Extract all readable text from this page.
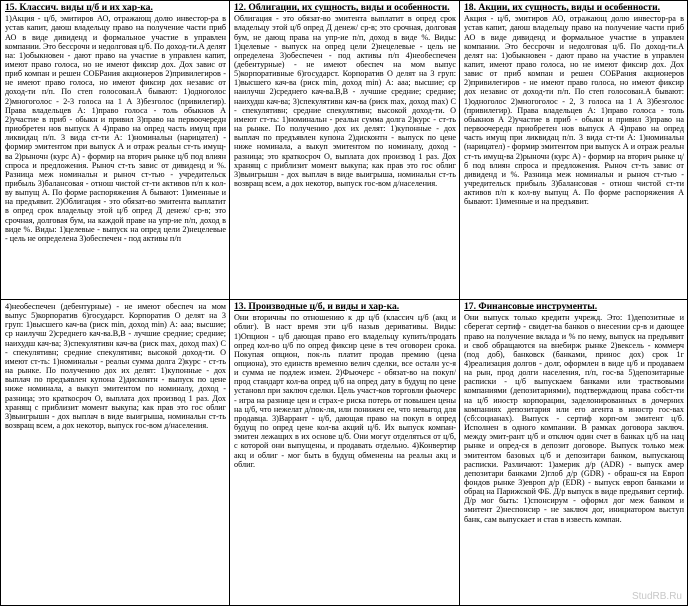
15. Классич. виды ц/б и их хар-ка.
1)Акция - ц/б, эмитиров АО, отражающ долю инвестор-ра в устав капит, даюш владельцу право на получение части приб АО в виде дивиденд и формальное участие в управлен компании. Это бессрочн и недолговая ц/б. По доход-ти.А делят на: 1)обыкновен - дают право на участие в управлен капит, имеют право голоса, но не имеют фиксир дох. Дох завис от приб компан и решен СОБРания акционеров 2)привилегиров - не имеют право голоса, но имеют фиксир дох независ от доход-ти п/п. По степ голосован.А бывают: 1)одноголос 2)многоголос - 2-3 голоса на 1 А 3)безголос (привилегир). Права владельцев А: 1)право голоса - толь обыкнов А 2)участие в приб - обыкн и привил 3)право на первоочередн приобретен нов выпуск А 4)право на опред часть имущ при ликвидац п/п. 3 вида ст-ти А: 1)номинальн (нарицател) - формир эмитентом при выпуск А и отраж реальн ст-ть имущ-ва 2)рыночн (курс А) - формир на вторич рынке ц/б под влиян спроса и предложения. Рыноч ст-ть завис от дивиденд и %. Разница меж номинальн и рыноч ст-тью - учредительск прибыль 3)балансовая - отнош чистой ст-ти активов п/п к кол-ву выпущ А. По форме распоряжения А бывают: 1)именные и на предъявит. 2)Облигация - это обязат-во эмитента выплатит в опред срок владельцу этой ц/б опред Д денеж/ ср-в; это срочная, долговая бум, на каждой праве на упр-ие п/п, доход в виде %. Виды: 1)целевые - выпуск на опред цели 2)нецелевые - цель не определена 3)обеспечен - под активы п/п
12. Облигации, их сущность, виды и особенности.
Облигация - это обязат-во эмитента выплатит в опред срок владельцу этой ц/б опред Д денеж/ ср-в; это срочная, долговая бум, не дающ права на упр-ие п/п, доход в виде %. Виды: 1)целевые - выпуск на опред цели 2)нецелевые - цель не определена 3)обеспечен - под активы п/п 4)необеспечен (дебентурные) - не имеют обеспеч на мом выпус 5)корпоративные 6)государст. Корпоратив О делят на 3 груп: 1)высшего кач-ва (риск min, доход min) A: aaa; высшие; ср наилучш 2)среднего кач-ва.В,В - лучшие средние; средние; наихудш кач-ва; 3)спекулятивн кач-ва (риск max, доход max) С - спекулятивн; средние спекулятивн; высокой доход-ти. О имеют ст-ть: 1)номинальн - реальн сумма долга 2)курс - ст-ть на рынке. По получению дох их делят: 1)купонные - дох выплач по предъявлен купона 2)дисконтн - выпуск по цене ниже номинала, а выкуп эмитентом по номиналу, доход - разница; это краткосроч О, выплата дох производ 1 раз. Дох хранящ с приблизит момент выкупа; как прав это гос облиг 3)выигрышн - дох выплач в виде выигрыша, номинальн ст-ть возвращ всем, а дох некотор, выпуск гос-вом д/населения.
18. Акции, их сущность, виды и особенности.
Акция - ц/б, эмитиров АО, отражающ долю инвестор-ра в устав капит, даюш владельцу право на получение части приб АО в виде дивиденд и формальное участие в управлен компании. Это бессрочн и недолговая ц/б. По доход-ти.А делят на: 1)обыкновен - дают право на участие в управлен капит, имеют право голоса, но не имеют фиксир дох. Дох завис от приб компан и решен СОБРания акционеров 2)привилегиров - не имеют право голоса, но имеют фиксир дох независ от доход-ти п/п. По степ голосован.А бывают: 1)одноголос 2)многоголос - 2, 3 голоса на 1 А 3)безголос (привилегир). Права владельцев А: 1)право голоса - толь обыкнов А 2)участие в приб - обыкн и привил 3)право на первоочередн приобретен нов выпуск А 4)право на опред часть имущ при ликвидац п/п. 3 вида ст-ти А: 1)номинальн (нарицател) - формир эмитентом при выпуск А и отраж реальн ст-ть имущ-ва 2)рыночн (курс А) - формир на вторич рынке ц/б под влиян спроса и предложения. Рыноч ст-ть завис от дивиденд и %. Разница меж номинальн и рыноч ст-тью - учредительск прибыль 3)балансовая - отнош чистой ст-ти активов п/п к кол-ву выпущ А. По форме распоряжения А бывают: 1)именные и на предъявит.
4)необеспечен (дебентурные) - не имеют обеспеч на мом выпус 5)корпоратив 6)государст. Корпоратив О делят на 3 груп: 1)высшего кач-ва (риск min, доход min) A: aaa; высшие; ср наилучш 2)среднего кач-ва.В,В - лучшие средние; средние; наихудш кач-ва; 3)спекулятивн кач-ва (риск max, доход max) С - спекулятивн; средние спекулятивн; высокой доход-ти. О имеют ст-ть: 1)номинальн - реальн сумма долга 2)курс - ст-ть на рынке. По получению дох их делят: 1)купонные - дох выплач по предъявлен купона 2)дисконтн - выпуск по цене ниже номинала, а выкуп эмитентом по номиналу, доход - разница; это краткосроч О, выплата дох производ 1 раз. Дох хранящ с приблизит момент выкупа; как прав это гос облиг 3)выигрышн - дох выплач в виде выигрыша, номинальн ст-ть возвращ всем, а дох некотор, выпуск гос-вом д/населения.
13. Производные ц/б, и виды и хар-ка.
Они вторичны по отношению к др ц/б (классич ц/б (акц и облиг). В наст время эти ц/б назыв деривативы. Виды: 1)Опцион - ц/б дающая право его владельцу купить/продать опред кол-во ц/б по опред фиксир цене в теч оговорен срока. Покупая опцион, пок-ль платит продав премию (цена опциона), это единств временно велич сделки, все осталн ус-я и сумма не подлеж измен. 2)Фьючерс - обязат-во на покуп/прод стандарт кол-ва опред ц/б на опред дату в будущ по цене установл при заключ сделки. Цель участ-ков торговли фьючерс - игра на разнице цен и страх-е риска потерь от повышен цены на ц/б, что нежелат д/пок-ля, или понижен ее, что невыгод для продавца. 3)Варрант - ц/б, дающая право на покуп в опред будущ по опред цене кол-ва акций ц/б. Их выпуск компан-эмитен лежащих в их основе ц/б. Они могут отделяться от ц/б, с которой они выпущены, и продавать отдельно. 4)Конвертир акц и облиг - мог быть в будущ обменены на реальн акц и облиг.
17. Финансовые инструменты.
Они выпуск только кредитн учрежд. Это: 1)депозитные и сберегат сертиф - свидет-ва банков о внесении ср-в и дающее право на получение вклада и % по нему, выпуск на предъявит и своб обращаются на внебирж рынке 2)вексель - коммерч (под доб), банковск (банками, принос дох) срок 1г 4)реализация долгов - долг, оформлен в виде ц/б и продаваем на рын, прод долги населения, п/п, гос-ва 5)депозитарные расписки - ц/б выпускаем банками или траствовыми компаниями (депозитариями), подтверждающ права собст-ти на ц/б иностр корпорации, заделонированных в дочерних компаниях депозитария или его агента в иностр гос-вах (сб:социанах). Выпуск - сертиф корп-ом эмитент ц/б. Исполнен в одного компании. В рамках договора заключ. между эмит-рант ц/б и отключ один счет в банках ц/б на нац рынке и опред-ся в депозит договоре. Выпуск только меж эмитентом базовых ц/б и депозитари банком, выпускающ расписки. Различают: 1)америк д/р (ADR) - выпуск амер депозитари банками 2)глоб д/р (GDR) - обраш-ся на Европ фондов рынке 3)европ д/р (EDR) - выпуск европ банками и обрац на Парижской ФБ. Д/р выпуск в виде предъявит сертиф. Д/р мог быть: 1)спонсирум - оформл дог меж банком и эмитент 2)неспонсир - не заключ дог, инициатором выступ банк, сам выпускает и став в известь компан.
StudRB.Ru
